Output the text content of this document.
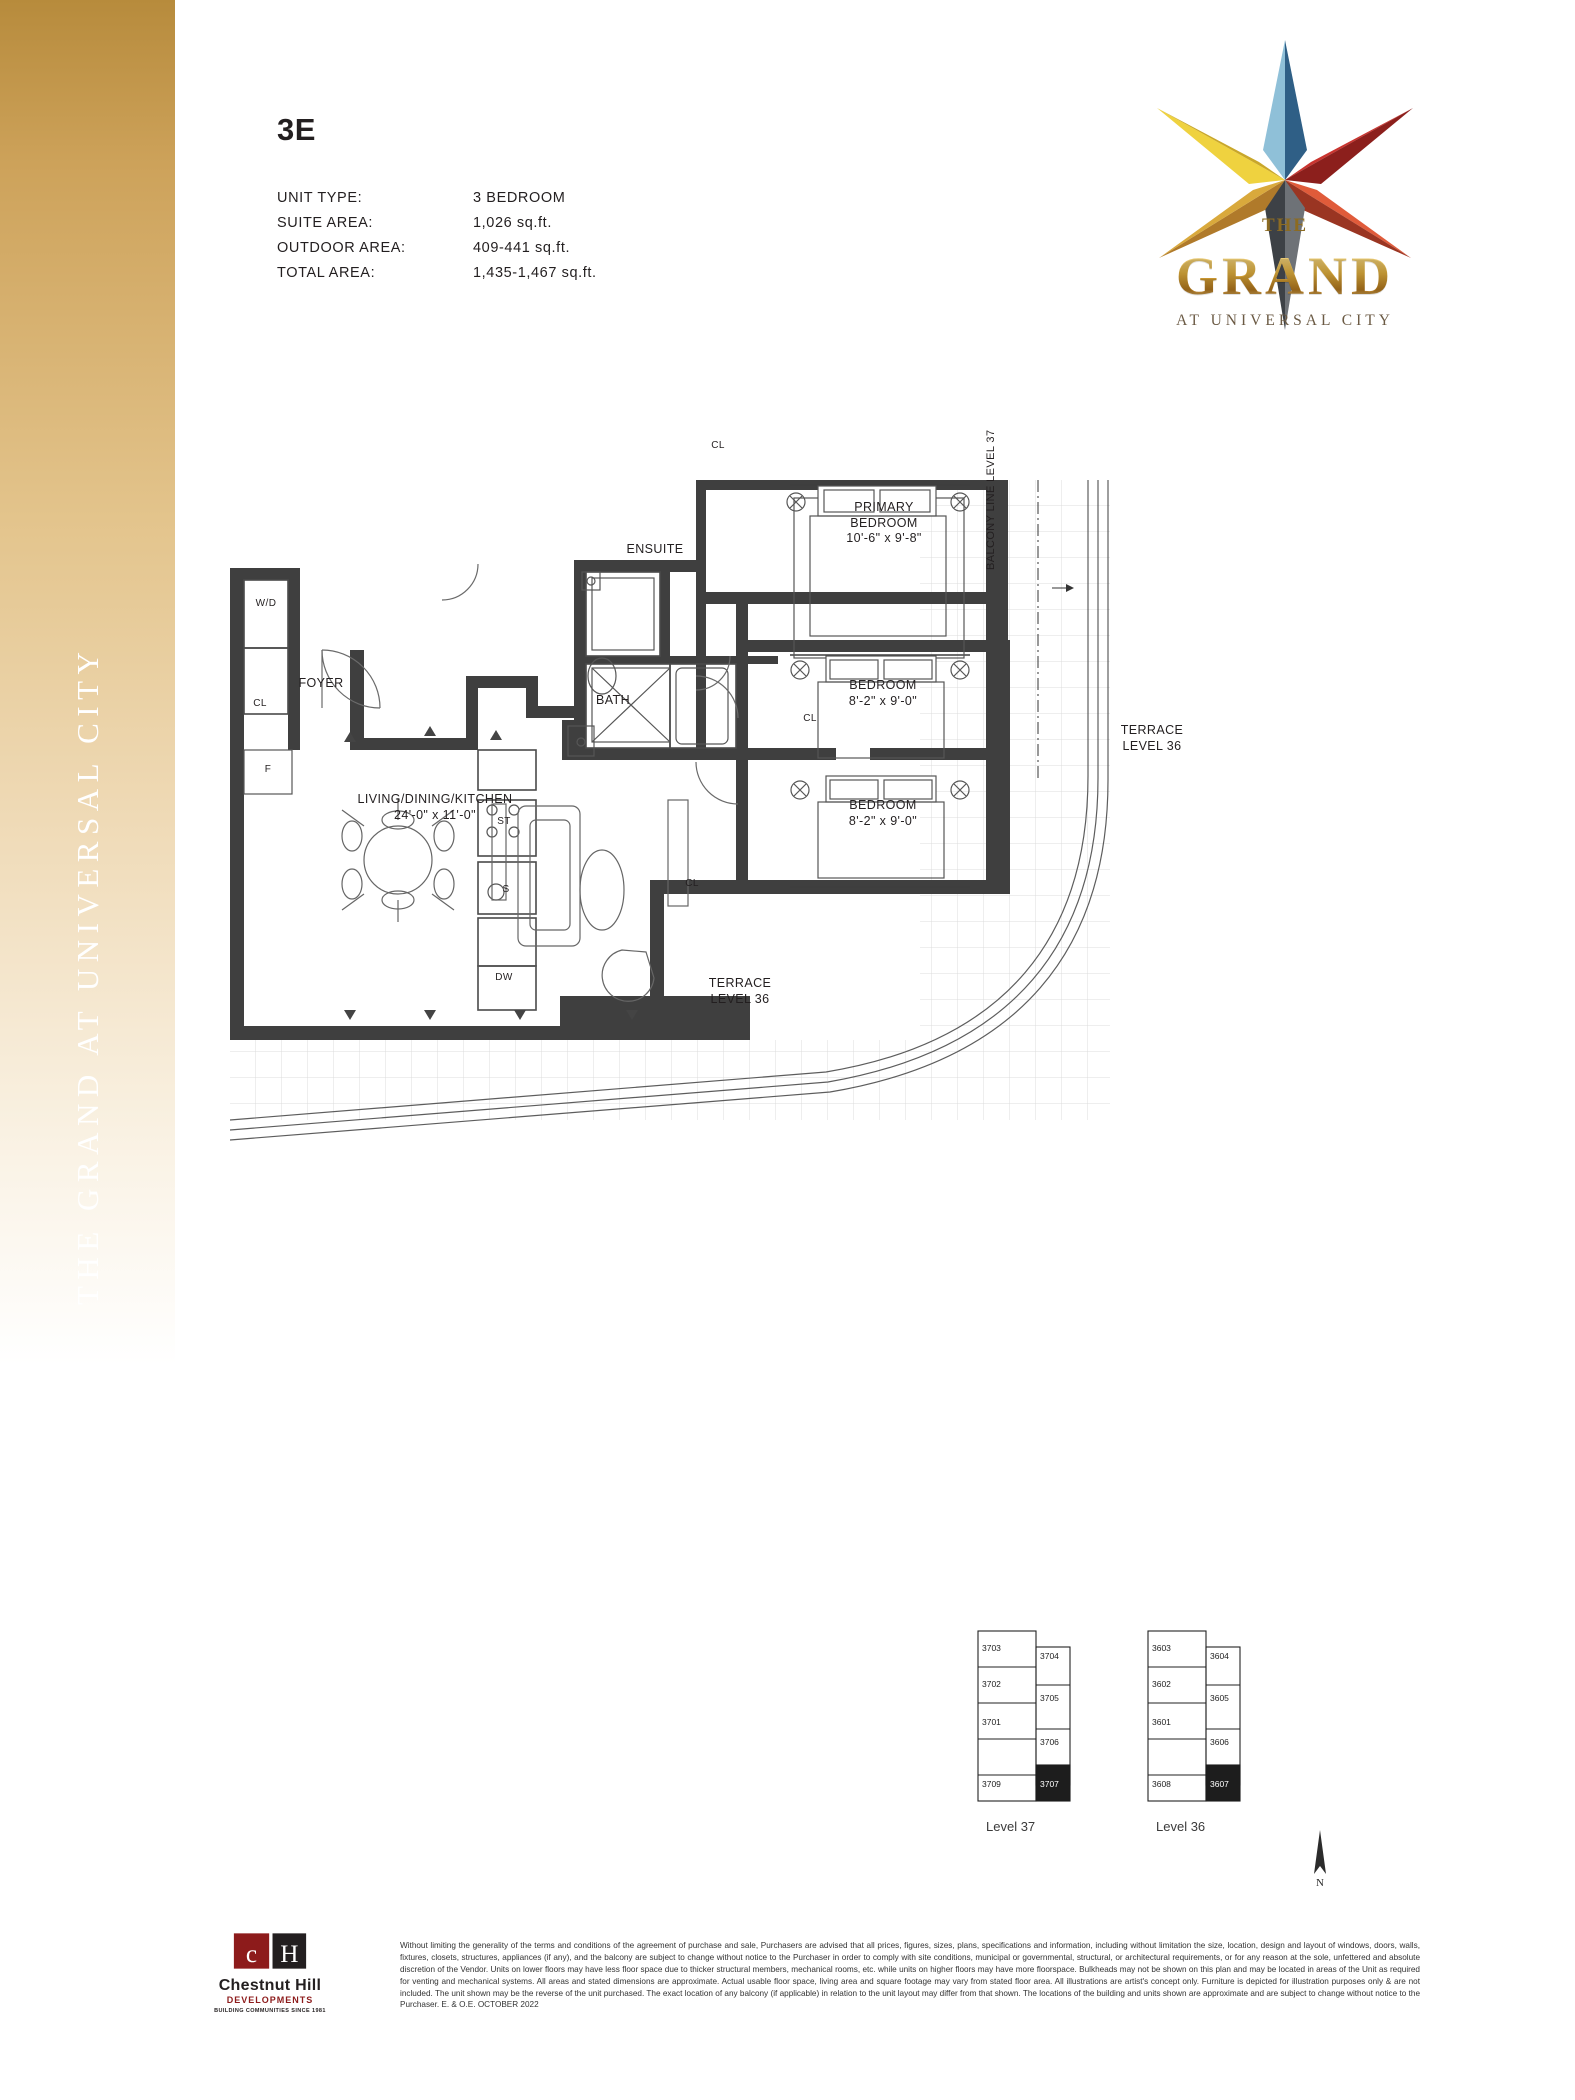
THE GRAND AT UNIVERSAL CITY
3E
UNIT TYPE:	3 BEDROOM
SUITE AREA:	1,026 sq.ft.
OUTDOOR AREA:	409-441 sq.ft.
TOTAL AREA:	1,435-1,467 sq.ft.
THE
GRAND
AT UNIVERSAL CITY
PRIMARY
BEDROOM
10'-6" x 9'-8"
BEDROOM
8'-2" x 9'-0"
BEDROOM
8'-2" x 9'-0"
LIVING/DINING/KITCHEN
24'-0" x 11'-0"
ENSUITE
BATH
FOYER
CL
CL
CL
CL
W/D
F
ST
S
DW
TERRACE
LEVEL 36
TERRACE
LEVEL 36
BALCONY LINE LEVEL 37
3703
3704
3702
3705
3701
3706
3709	3707
3603
3604
3602
3605
3601
3606
3608	3607
Level 37	Level 36
N
c H
Chestnut Hill
DEVELOPMENTS
BUILDING COMMUNITIES SINCE 1981
Without limiting the generality of the terms and conditions of the agreement of purchase and sale, Purchasers are advised that all prices, figures, sizes, plans, specifications and information, including without limitation the size, location, design and layout of windows, doors, walls, fixtures, closets, structures, appliances (if any), and the balcony are subject to change without notice to the Purchaser in order to comply with site conditions, municipal or governmental, structural, or architectural requirements, or for any reason at the sole, unfettered and absolute discretion of the Vendor. Units on lower floors may have less floor space due to thicker structural members, mechanical rooms, etc. while units on higher floors may have more floorspace. Bulkheads may not be shown on this plan and may be located in areas of the Unit as required for venting and mechanical systems. All areas and stated dimensions are approximate. Actual usable floor space, living area and square footage may vary from stated floor area. All illustrations are artist's concept only. Furniture is depicted for illustration purposes only & are not included. The unit shown may be the reverse of the unit purchased. The exact location of any balcony (if applicable) in relation to the unit layout may differ from that shown. The locations of the building and units shown are approximate and are subject to change without notice to the Purchaser. E. & O.E. OCTOBER 2022
